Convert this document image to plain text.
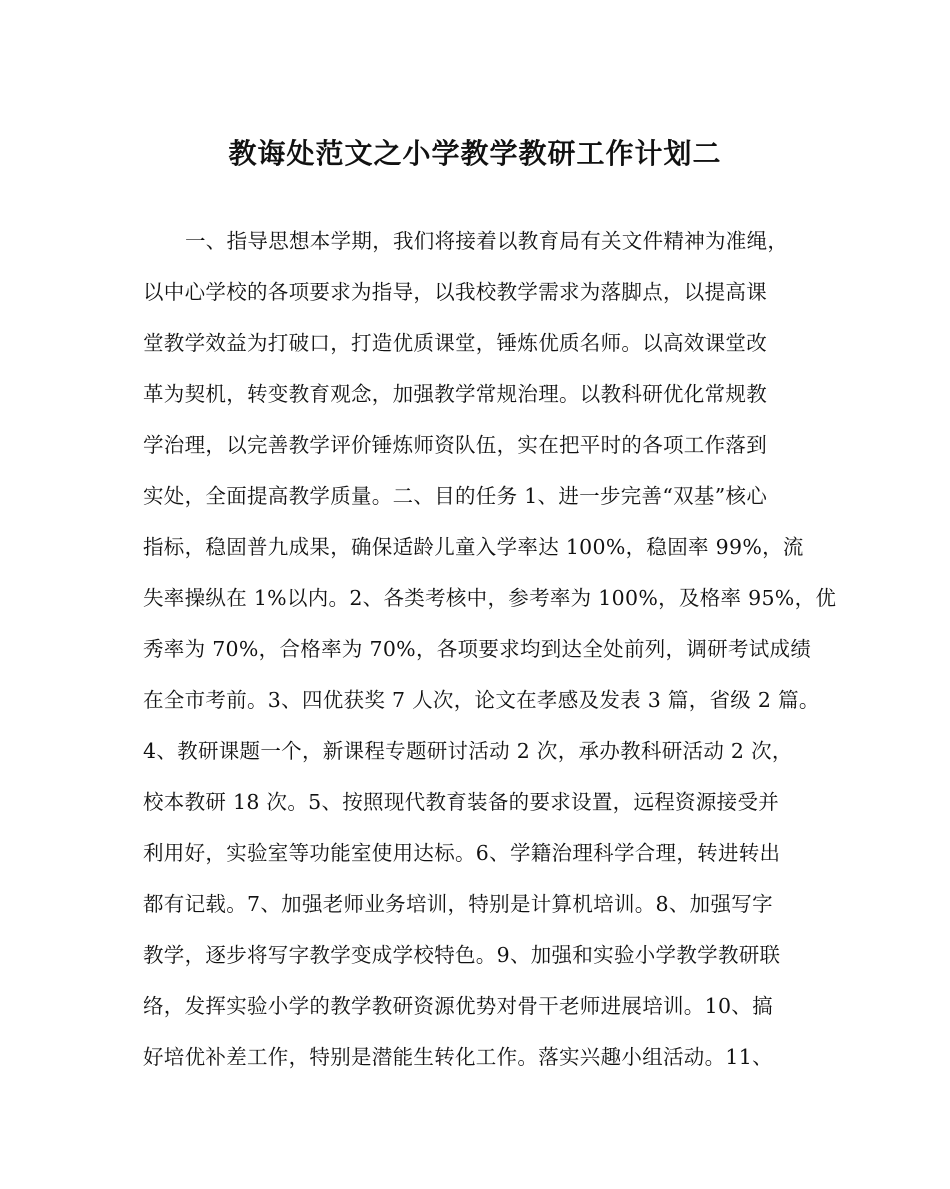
教诲处范文之小学教学教研工作计划二
一、指导思想本学期，我们将接着以教育局有关文件精神为准绳，
以中心学校的各项要求为指导，以我校教学需求为落脚点，以提高课
堂教学效益为打破口，打造优质课堂，锤炼优质名师。以高效课堂改
革为契机，转变教育观念，加强教学常规治理。以教科研优化常规教
学治理，以完善教学评价锤炼师资队伍，实在把平时的各项工作落到
实处，全面提高教学质量。二、目的任务 1、进一步完善“双基”核心
指标，稳固普九成果，确保适龄儿童入学率达 100%，稳固率 99%，流
失率操纵在 1%以内。2、各类考核中，参考率为 100%，及格率 95%，优
秀率为 70%，合格率为 70%，各项要求均到达全处前列，调研考试成绩
在全市考前。3、四优获奖 7 人次，论文在孝感及发表 3 篇，省级 2 篇。
4、教研课题一个，新课程专题研讨活动 2 次，承办教科研活动 2 次，
校本教研 18 次。5、按照现代教育装备的要求设置，远程资源接受并
利用好，实验室等功能室使用达标。6、学籍治理科学合理，转进转出
都有记载。7、加强老师业务培训，特别是计算机培训。8、加强写字
教学，逐步将写字教学变成学校特色。9、加强和实验小学教学教研联
络，发挥实验小学的教学教研资源优势对骨干老师进展培训。10、搞
好培优补差工作，特别是潜能生转化工作。落实兴趣小组活动。11、
